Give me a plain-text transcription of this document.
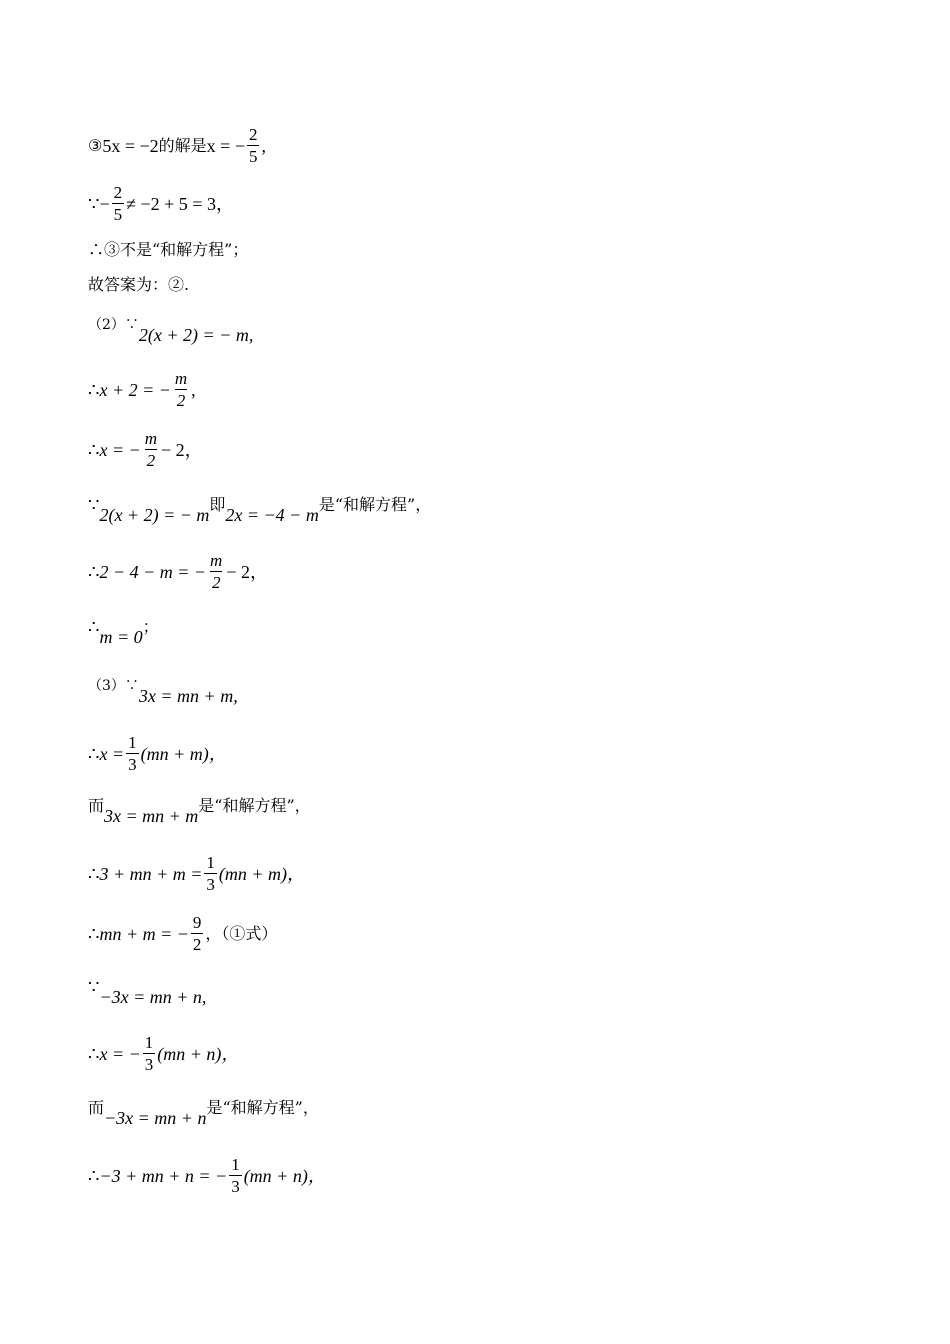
③ 5x = −2 的解是 x = − $\frac{2}{5}$ ,
∵ − $\frac{2}{5} \ne -2 + 5 = 3$，
∴③不是“和解方程”；
故答案为：②.
（2）∵ 2(x + 2) = − m,
∴ x + 2 = − $\frac{m}{2}$ ,
∴ x = − $\frac{m}{2} - 2$，
∵ 2(x + 2) = − m
即
2x = −4 − m
是“和解方程”，
∴ 2 − 4 − m = − $\frac{m}{2} - 2$，
∴ m = 0
；
（3）∵ 3x = mn + m,
∴ $x = \frac{1}{3} (mn + m)$，
而
3x = mn + m
是“和解方程”，
∴ 3 + mn + $m = \frac{1}{3} (mn + m)$，
∴ mn + m = − $\frac{9}{2}$ ，（①式）
∵ −3x = mn + n,
∴ x = − $\frac{1}{3} (mn + n)$，
而
−3x = mn + n
是“和解方程”，
∴ −3 + mn + n = − $\frac{1}{3} (mn + n)$，
